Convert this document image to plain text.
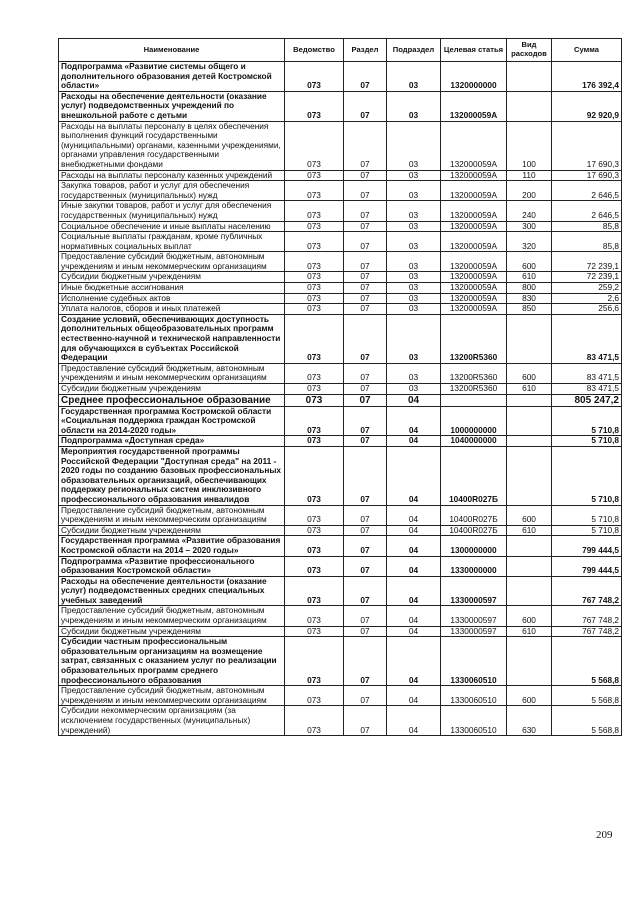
Наименование	Ведомство	Раздел	Подраздел	Целевая статья	Вид расходов	Сумма
Подпрограмма «Развитие системы общего и дополнительного образования детей Костромской области»	073	07	03	1320000000		176 392,4
Расходы на обеспечение деятельности (оказание услуг) подведомственных учреждений по внешкольной работе с детьми	073	07	03	132000059A		92 920,9
Расходы на выплаты персоналу в целях обеспечения выполнения функций государственными (муниципальными) органами, казенными учреждениями, органами управления государственными внебюджетными фондами	073	07	03	132000059A	100	17 690,3
Расходы на выплаты персоналу казенных учреждений	073	07	03	132000059A	110	17 690,3
Закупка товаров, работ и услуг для обеспечения государственных (муниципальных) нужд	073	07	03	132000059A	200	2 646,5
Иные закупки товаров, работ и услуг для обеспечения государственных (муниципальных) нужд	073	07	03	132000059A	240	2 646,5
Социальное обеспечение и иные выплаты населению	073	07	03	132000059A	300	85,8
Социальные выплаты гражданам, кроме публичных нормативных социальных выплат	073	07	03	132000059A	320	85,8
Предоставление субсидий бюджетным, автономным учреждениям и иным некоммерческим организациям	073	07	03	132000059A	600	72 239,1
Субсидии бюджетным учреждениям	073	07	03	132000059A	610	72 239,1
Иные бюджетные ассигнования	073	07	03	132000059A	800	259,2
Исполнение судебных актов	073	07	03	132000059A	830	2,6
Уплата налогов, сборов и иных платежей	073	07	03	132000059A	850	256,6
Создание условий, обеспечивающих доступность дополнительных общеобразовательных программ естественно-научной и технической направленности для обучающихся в субъектах Российской Федерации	073	07	03	13200R5360		83 471,5
Предоставление субсидий бюджетным, автономным учреждениям и иным некоммерческим организациям	073	07	03	13200R5360	600	83 471,5
Субсидии бюджетным учреждениям	073	07	03	13200R5360	610	83 471,5
Среднее профессиональное образование	073	07	04			805 247,2
Государственная программа Костромской области «Социальная поддержка граждан Костромской области на 2014-2020 годы»	073	07	04	1000000000		5 710,8
Подпрограмма «Доступная среда»	073	07	04	1040000000		5 710,8
Мероприятия государственной программы Российской Федерации "Доступная среда" на 2011 - 2020 годы по созданию базовых профессиональных образовательных организаций, обеспечивающих поддержку региональных систем инклюзивного профессионального образования инвалидов	073	07	04	10400R027Б		5 710,8
Предоставление субсидий бюджетным, автономным учреждениям и иным некоммерческим организациям	073	07	04	10400R027Б	600	5 710,8
Субсидии бюджетным учреждениям	073	07	04	10400R027Б	610	5 710,8
Государственная программа «Развитие образования Костромской области на 2014 – 2020 годы»	073	07	04	1300000000		799 444,5
Подпрограмма «Развитие профессионального образования Костромской области»	073	07	04	1330000000		799 444,5
Расходы на обеспечение деятельности (оказание услуг) подведомственных средних специальных учебных заведений	073	07	04	1330000597		767 748,2
Предоставление субсидий бюджетным, автономным учреждениям и иным некоммерческим организациям	073	07	04	1330000597	600	767 748,2
Субсидии бюджетным учреждениям	073	07	04	1330000597	610	767 748,2
Субсидии частным профессиональным образовательным организациям на возмещение затрат, связанных с оказанием услуг по реализации образовательных программ среднего профессионального образования	073	07	04	1330060510		5 568,8
Предоставление субсидий бюджетным, автономным учреждениям и иным некоммерческим организациям	073	07	04	1330060510	600	5 568,8
Субсидии некоммерческим организациям (за исключением государственных (муниципальных) учреждений)	073	07	04	1330060510	630	5 568,8
209
